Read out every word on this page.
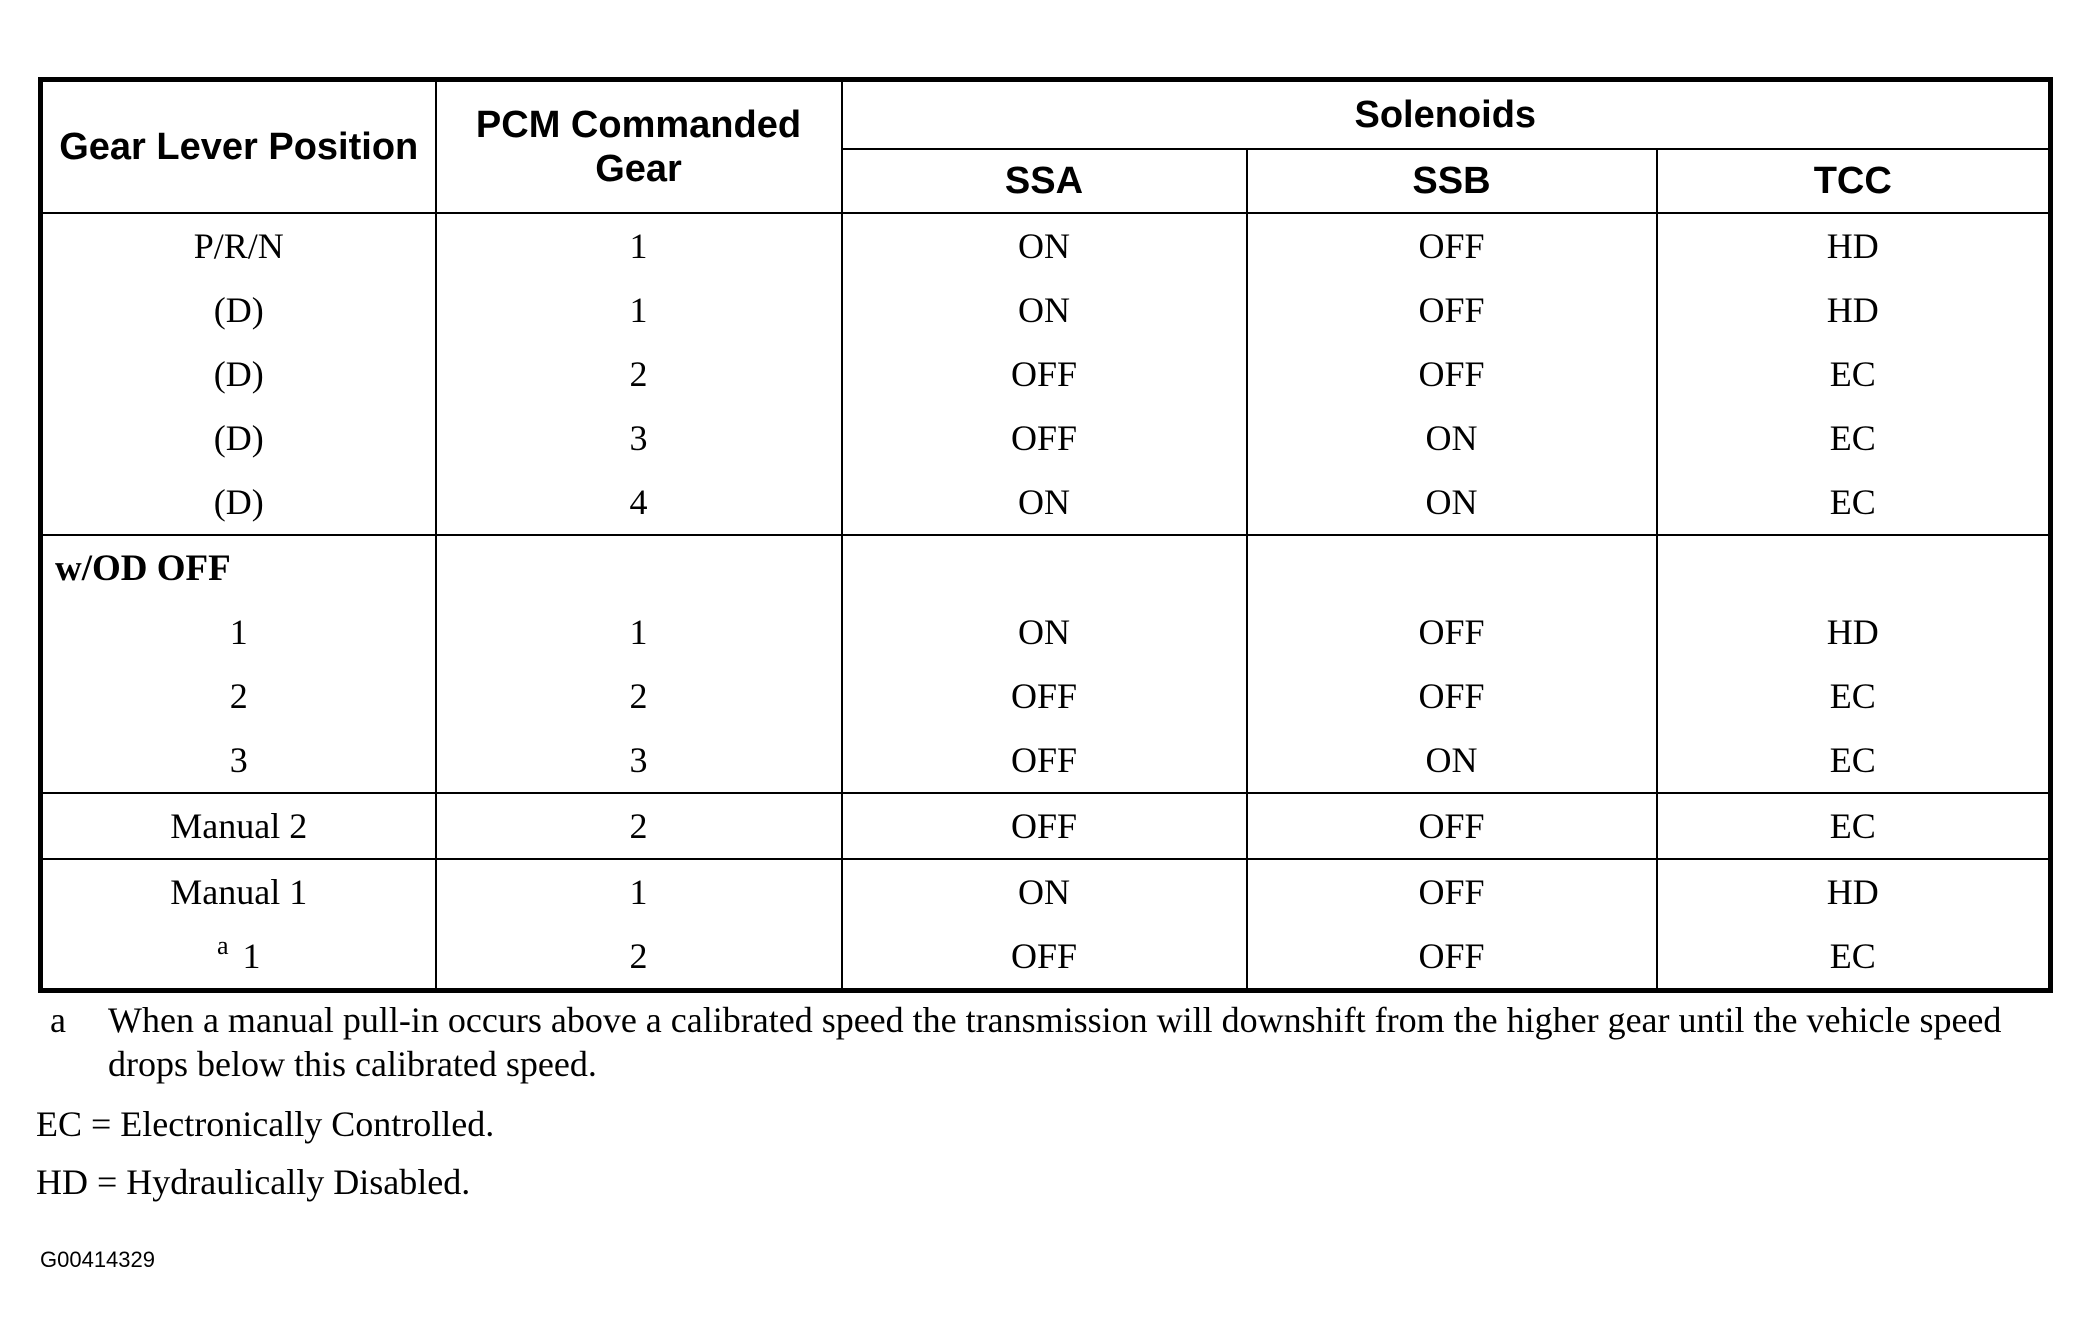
Gear Lever Position	PCM Commanded Gear	Solenoids		
		SSA	SSB	TCC
P/R/N	1	ON	OFF	HD
(D)	1	ON	OFF	HD
(D)	2	OFF	OFF	EC
(D)	3	OFF	ON	EC
(D)	4	ON	ON	EC
w/OD OFF				
1	1	ON	OFF	HD
2	2	OFF	OFF	EC
3	3	OFF	ON	EC
Manual 2	2	OFF	OFF	EC
Manual 1	1	ON	OFF	HD
$^a$ 1	2	OFF	OFF	EC
a	When a manual pull-in occurs above a calibrated speed the transmission will downshift from the higher gear until the vehicle speed drops below this calibrated speed.
EC = Electronically Controlled.
HD = Hydraulically Disabled.
G00414329
